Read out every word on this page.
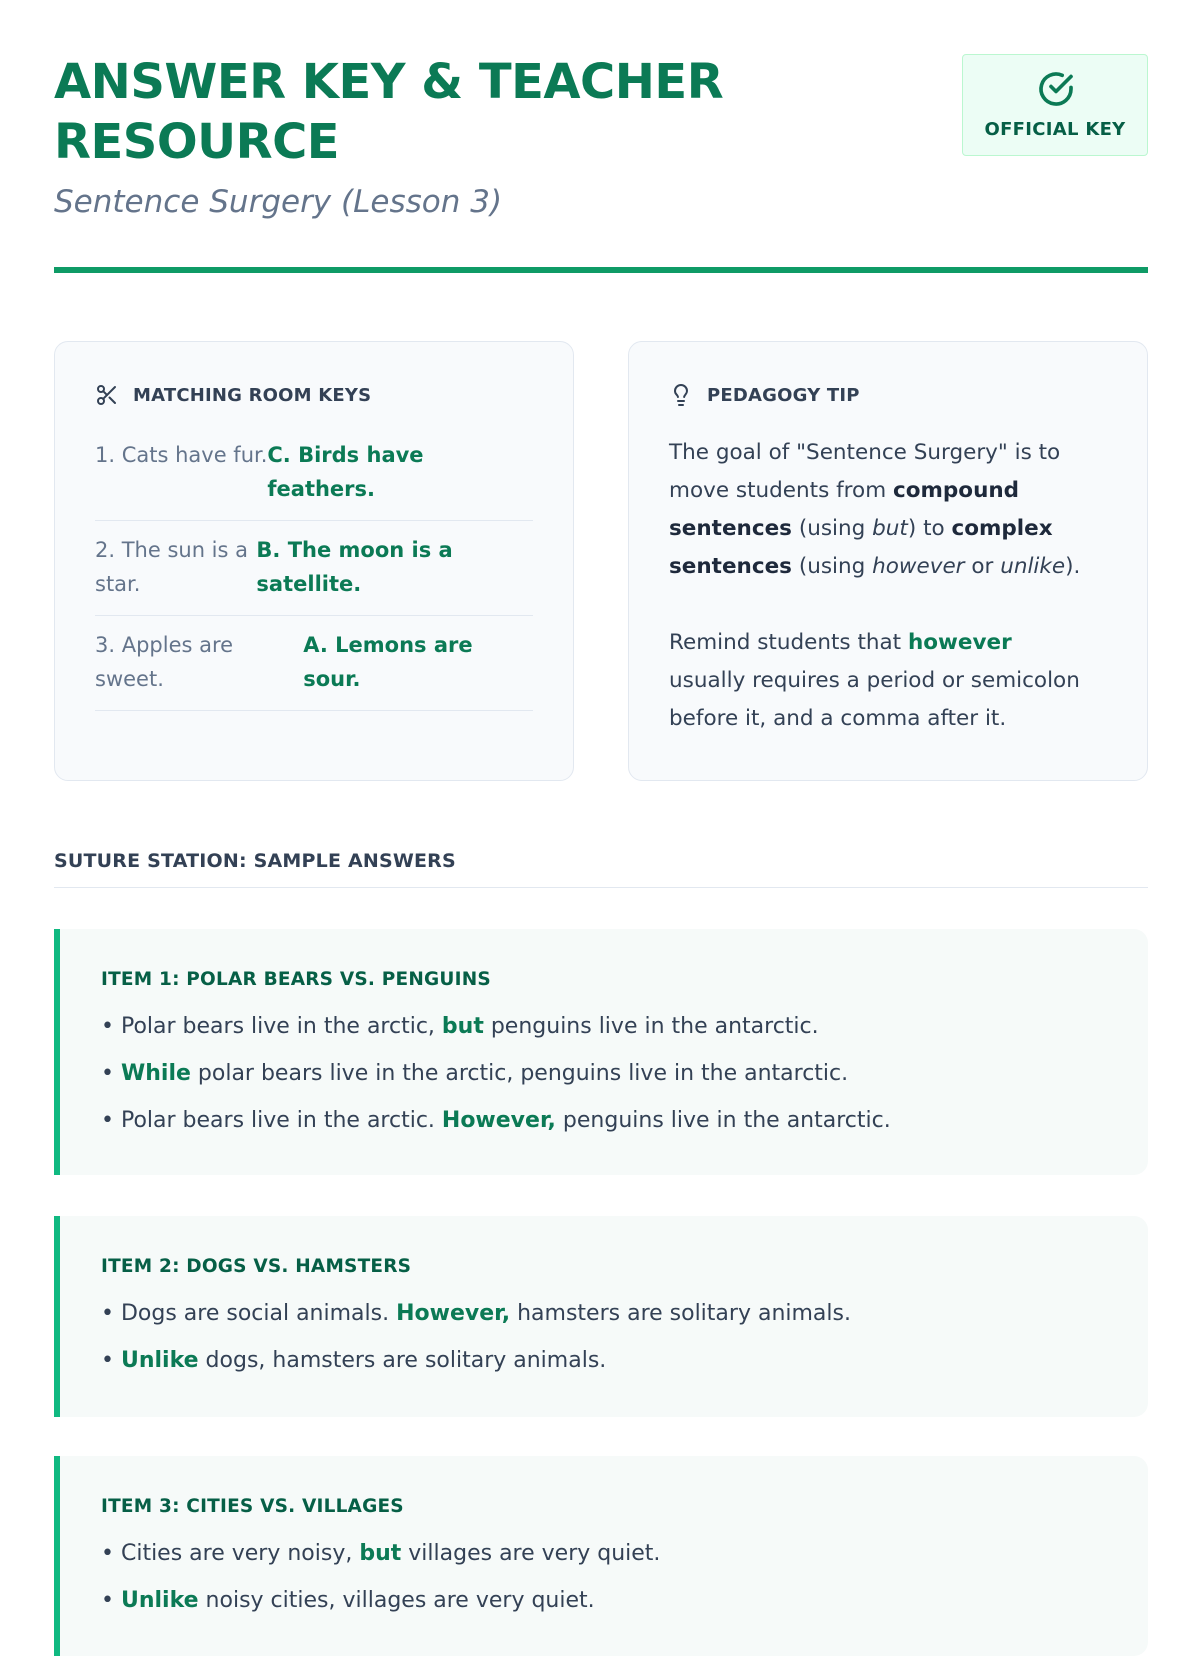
ANSWER KEY & TEACHER RESOURCE
Sentence Surgery (Lesson 3)
OFFICIAL KEY
MATCHING ROOM KEYS
1. Cats have fur. C. Birds have feathers.
2. The sun is a star.
B. The moon is a satellite.
3. Apples are sweet.
A. Lemons are sour.
PEDAGOGY TIP

The goal of "Sentence Surgery" is to move students from compound sentences (using but) to complex sentences (using however or unlike).

Remind students that however usually requires a period or semicolon before it, and a comma after it.

SUTURE STATION: SAMPLE ANSWERS
ITEM 1: POLAR BEARS VS. PENGUINS
• Polar bears live in the arctic, but penguins live in the antarctic.
• While polar bears live in the arctic, penguins live in the antarctic.
• Polar bears live in the arctic. However, penguins live in the antarctic.
ITEM 2: DOGS VS. HAMSTERS
• Dogs are social animals. However, hamsters are solitary animals.
• Unlike dogs, hamsters are solitary animals.
ITEM 3: CITIES VS. VILLAGES
• Cities are very noisy, but villages are very quiet.
• Unlike noisy cities, villages are very quiet.
